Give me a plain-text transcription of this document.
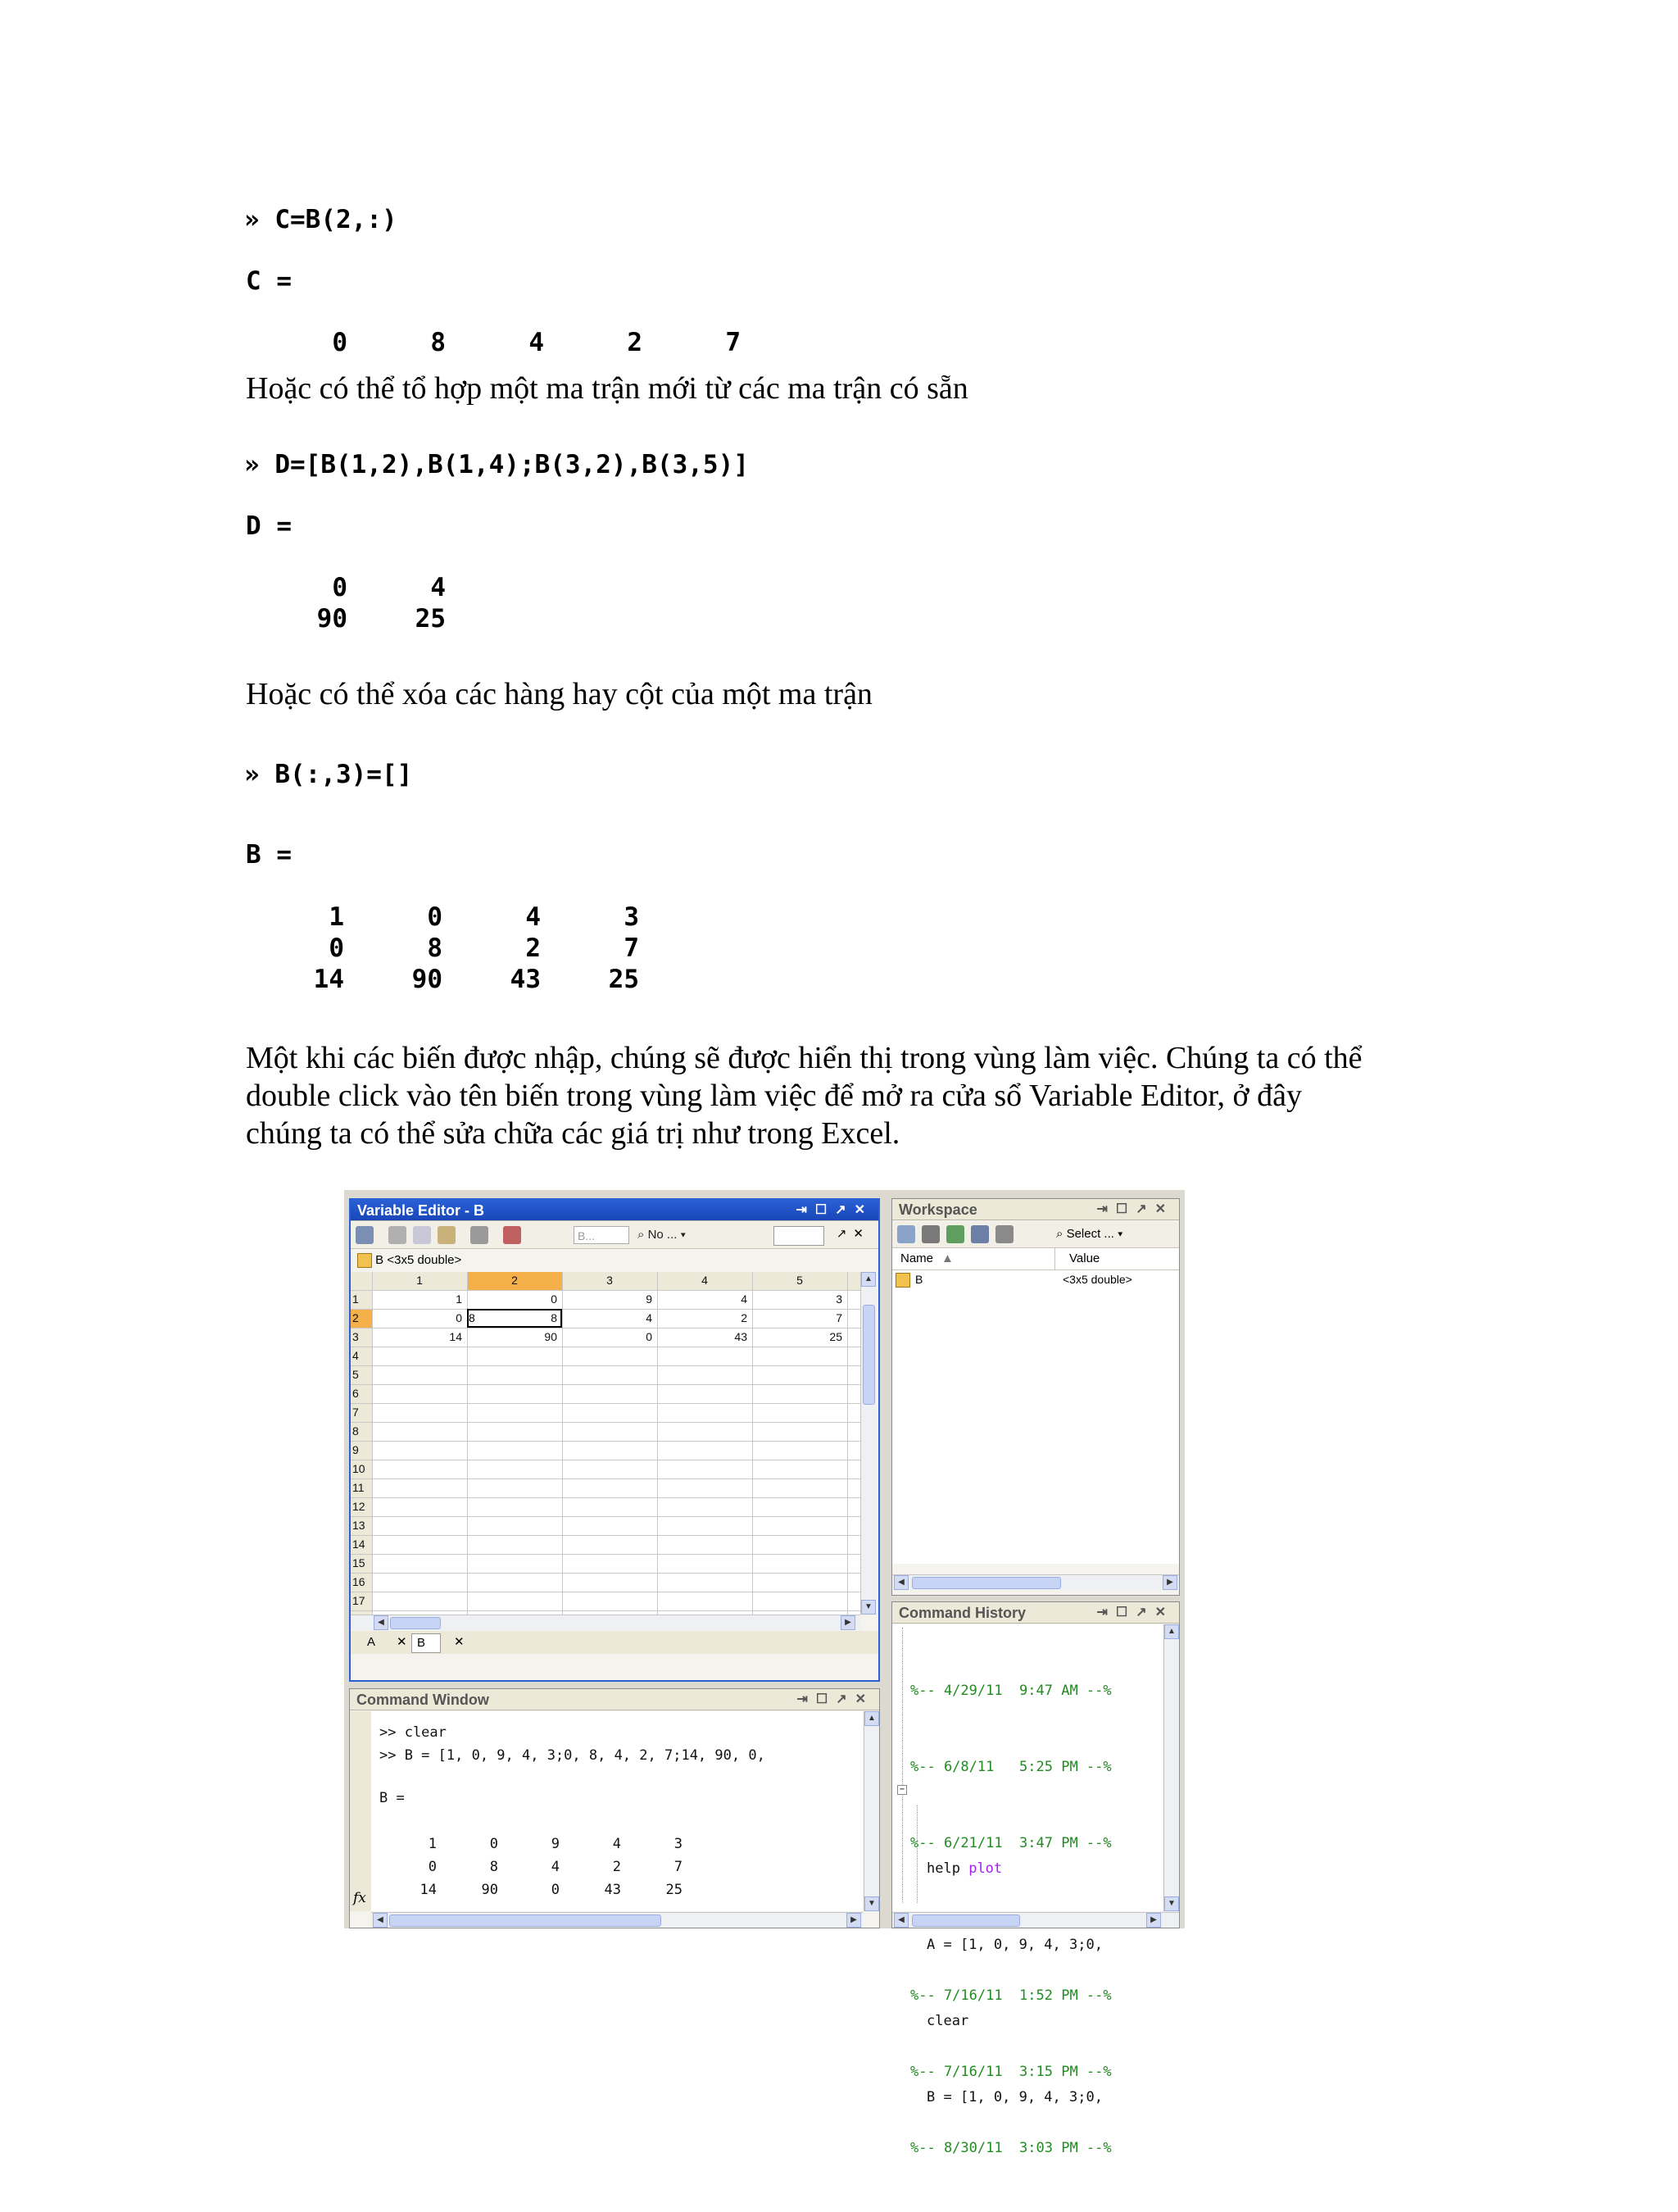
» C=B(2,:)
C =
0	8	4	2	7
Hoặc có thể tổ hợp một ma trận mới từ các ma trận có sẵn
» D=[B(1,2),B(1,4);B(3,2),B(3,5)]
D =
0	4
90	25
Hoặc có thể xóa các hàng hay cột của một ma trận
» B(:,3)=[]
B =
1	0	4	3
0	8	2	7
14	90	43	25
Một khi các biến được nhập, chúng sẽ được hiển thị trong vùng làm việc. Chúng ta có thể
double click vào tên biến trong vùng làm việc để mở ra cửa sổ Variable Editor, ở đây
chúng ta có thể sửa chữa các giá trị như trong Excel.
Variable Editor - B	⇥☐↗✕
B...	⌕ No ... ▾	↗✕
B <3x5 double>
1	2	3	4	5
1
2
3
4
5
6
7
8
9
10
11
12
13
14
15
16
17
1	0	9	4	3
0	8	4	2	7
14	90	0	43	25
8
▲
▼
◀	▶
A ✕ B	✕
Workspace	⇥☐↗✕
⌕ Select ... ▾
Name ▲	Value
B	<3x5 double>
◀	▶
Command History	⇥☐↗✕

%-- 4/29/11  9:47 AM --%

%-- 6/8/11   5:25 PM --%

%-- 6/21/11  3:47 PM --%

%-- 7/16/11  1:52 PM --%

%-- 7/16/11  3:15 PM --%

%-- 8/30/11  3:03 PM --%

−

help plot

A = [1, 0, 9, 4, 3;0,

clear

B = [1, 0, 9, 4, 3;0,

▲
▼
◀	▶
Command Window	⇥☐↗✕
fx

>> clear

>> B = [1, 0, 9, 4, 3;0, 8, 4, 2, 7;14, 90, 0,

B =

1	0	9	4	3
0	8	4	2	7
14	90	0	43	25

▲
▼
◀	▶
